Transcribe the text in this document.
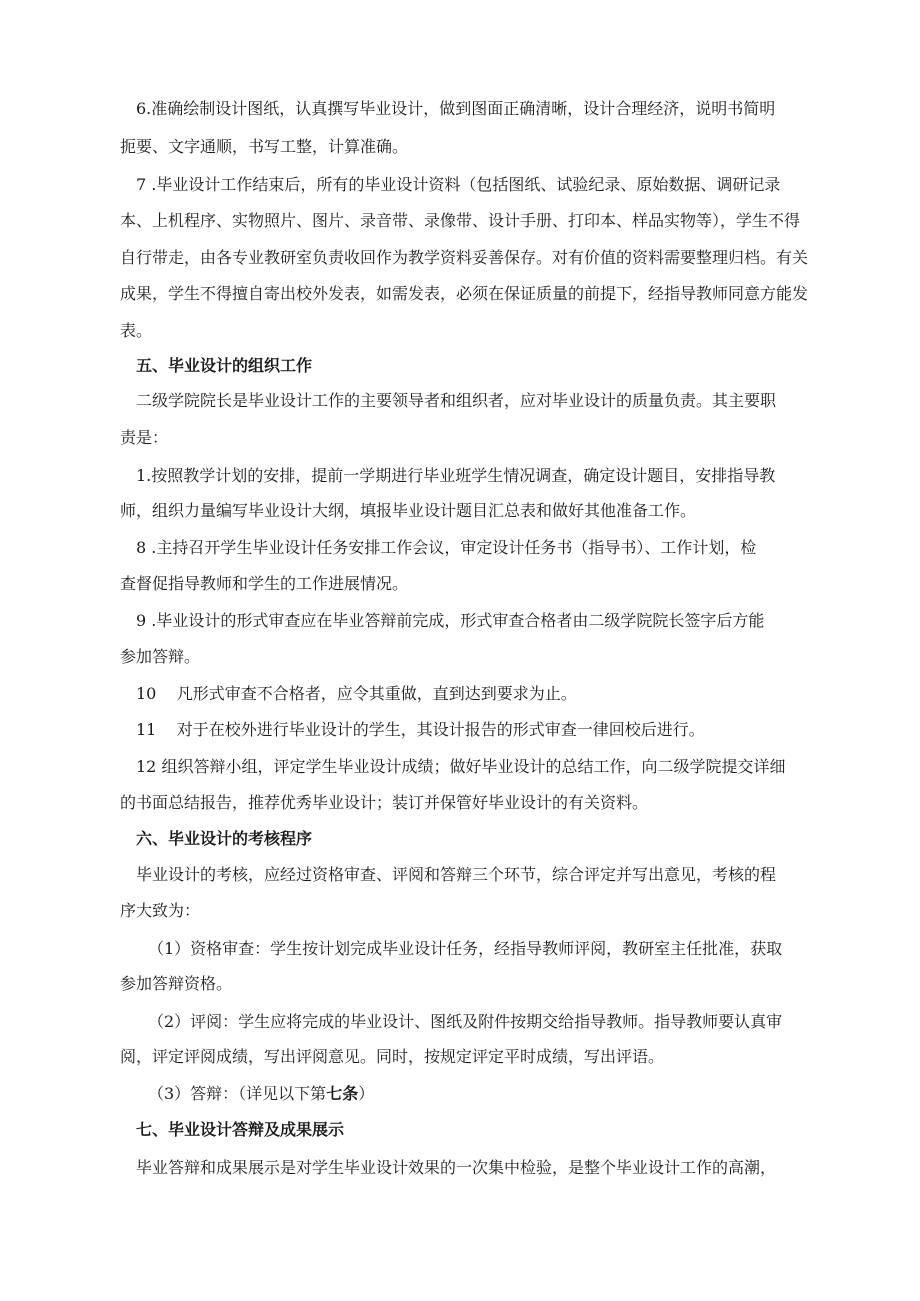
6.准确绘制设计图纸，认真撰写毕业设计，做到图面正确清晰，设计合理经济，说明书简明
扼要、文字通顺，书写工整，计算准确。
7 .毕业设计工作结束后，所有的毕业设计资料（包括图纸、试验纪录、原始数据、调研记录
本、上机程序、实物照片、图片、录音带、录像带、设计手册、打印本、样品实物等），学生不得
自行带走，由各专业教研室负责收回作为教学资料妥善保存。对有价值的资料需要整理归档。有关
成果，学生不得擅自寄出校外发表，如需发表，必须在保证质量的前提下，经指导教师同意方能发
表。
五、毕业设计的组织工作
二级学院院长是毕业设计工作的主要领导者和组织者，应对毕业设计的质量负责。其主要职
责是：
1.按照教学计划的安排，提前一学期进行毕业班学生情况调查，确定设计题目，安排指导教
师，组织力量编写毕业设计大纲，填报毕业设计题目汇总表和做好其他准备工作。
8 .主持召开学生毕业设计任务安排工作会议，审定设计任务书（指导书）、工作计划，检
查督促指导教师和学生的工作进展情况。
9 .毕业设计的形式审查应在毕业答辩前完成，形式审查合格者由二级学院院长签字后方能
参加答辩。
10    凡形式审查不合格者，应令其重做，直到达到要求为止。
11    对于在校外进行毕业设计的学生，其设计报告的形式审查一律回校后进行。
12 组织答辩小组，评定学生毕业设计成绩；做好毕业设计的总结工作，向二级学院提交详细
的书面总结报告，推荐优秀毕业设计；装订并保管好毕业设计的有关资料。
六、毕业设计的考核程序
毕业设计的考核，应经过资格审查、评阅和答辩三个环节，综合评定并写出意见，考核的程
序大致为：
（1）资格审查：学生按计划完成毕业设计任务，经指导教师评阅，教研室主任批准，获取
参加答辩资格。
（2）评阅：学生应将完成的毕业设计、图纸及附件按期交给指导教师。指导教师要认真审
阅，评定评阅成绩，写出评阅意见。同时，按规定评定平时成绩，写出评语。
（3）答辩：（详见以下第七条）
七、毕业设计答辩及成果展示
毕业答辩和成果展示是对学生毕业设计效果的一次集中检验，是整个毕业设计工作的高潮，
